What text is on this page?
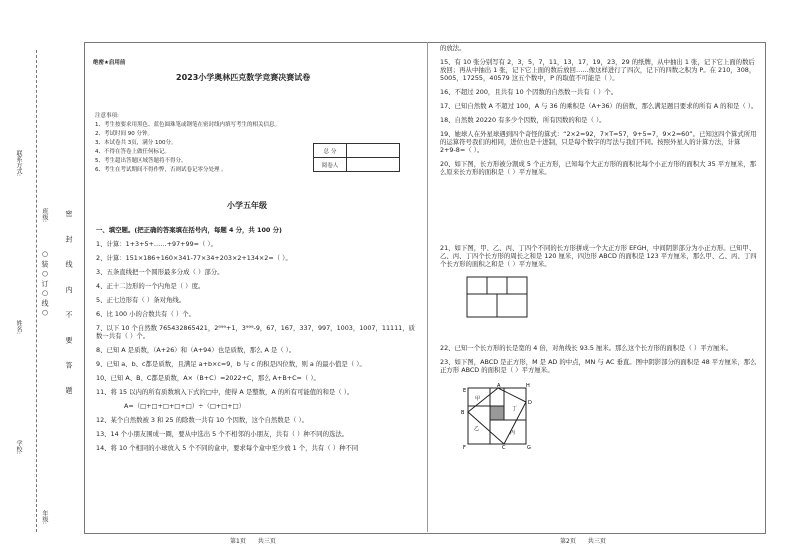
联系方式:
姓名:
学校:
班级:
年级:
○ 装 ○ 订 ○ 线 ○ 密 封 线 内 不 要 答 题
绝密★启用前
2023小学奥林匹克数学竞赛决赛试卷
注意事项:
1、考生按要求用黑色、蓝色圆珠笔或钢笔在密封线内填写考生的相关信息。
2、考试时间 90 分钟。
3、本试卷共 3页，满分 100分。
4、不得在答卷上做任何标记。
5、考生超出答题区域答题将不得分。
6、考生在考试期间不得作弊，否则试卷记零分处理 。
总 分	
阅卷人	
小学五年级
一、填空题。(把正确的答案填在括号内，每题 4 分，共 100 分)
1、计算：1+3+5+……+97+99=（ ）。
2、计算：151×186+160×341-77×34+203×2+134×2=（ ）。
3、五条直线把一个圆形最多分成（ ）部分。
4、正十二边形的一个内角是（ ）度。
5、正七边形有（ ）条对角线。
6、比 100 小的合数共有（ ）个。
7、以下 10 个自然数 765432865421，2⁹⁹⁹+1，3⁹⁹⁹-9，67，167，337，997，1003，1007，11111，质数一共有（ ）个。
8、已知 A 是质数，（A+26）和（A+94）也是质数，那么 A 是（ ）。
9、已知 a、b、c都是质数，且满足 a+b×c=9，b 与 c 的积是四位数，则 a 的最小值是（ ）。
10、已知 A、B、C都是质数，A×（B+C）=2022+C，那么 A+B+C=（ ）。
11、将 15 以内的所有质数填入下式的□中，使得 A 是整数，A 的所有可能值的和是（ ）。
A=（□+□+□+□+□）÷（□+□+□）
12、某个自然数被 3 和 25 的除数一共有 10 个因数，这个自然数是（ ）。
13、14 个小朋友围成一圈，要从中选出 5 个不相邻的小朋友，共有（ ）种不同的选法。
14、将 10 个相同的小球放入 5 个不同的盒中，要求每个盒中至少放 1 个，共有（ ）种不同
的放法。
15、有 10 张分别写有 2，3，5，7，11，13，17，19，23，29 的纸牌，从中抽出 1 张，记下它上面的数后放回；再从中抽出 1 张，记下它上面的数后放回……像这样进行了四次，记下的四数之积为 P。在 210，308，5005，17255，40579 这五个数中，P 的取值不可能是（ ）。
16、不超过 200，且共有 10 个因数的自然数一共有（ ）个。
17、已知自然数 A 不超过 100，A 与 36 的乘积是（A+36）的倍数，那么满足题目要求的所有 A 的和是（ ）。
18、自然数 20220 有多少个因数，所有因数的和是（ ）。
19、她球人在外星球遇到四个奇怪的算式：“2×2=92，7×T=57，9+5=7，9×2=60”。已知这四个算式所用的运算符号我们的相同，进位也是十进制，只是每个数字的写法与我们不同。按照外星人的计算方法，计算 2+9-8=（ ）。
20、如下图，长方形被分割成 5 个正方形，已知每个大正方形的面积比每个小正方形的面积大 35 平方厘米，那么原来长方形的面积是（ ）平方厘米。
21、如下图，甲、乙、丙、丁四个不同的长方形拼成一个大正方形 EFGH，中间阴影部分为小正方形。已知甲、乙、丙、丁四个长方形的周长之和是 120 厘米，四边形 ABCD 的面积是 123 平方厘米，那么甲、乙、丙、丁四个长方形的面积之和是（ ）平方厘米。
22、已知一个长方形的长是宽的 4 倍，对角线长 93.5 厘米。那么这个长方形的面积是（ ）平方厘米。
23、如下图，ABCD 是正方形，M 是 AD 的中点，MN 与 AC 垂直。图中阴影部分的面积是 48 平方厘米，那么正方形 ABCD 的面积是（ ）平方厘米。
E
A	H
B
D
F	C	G
甲
乙
丙
丁
第1页 共三页	第2页 共三页
